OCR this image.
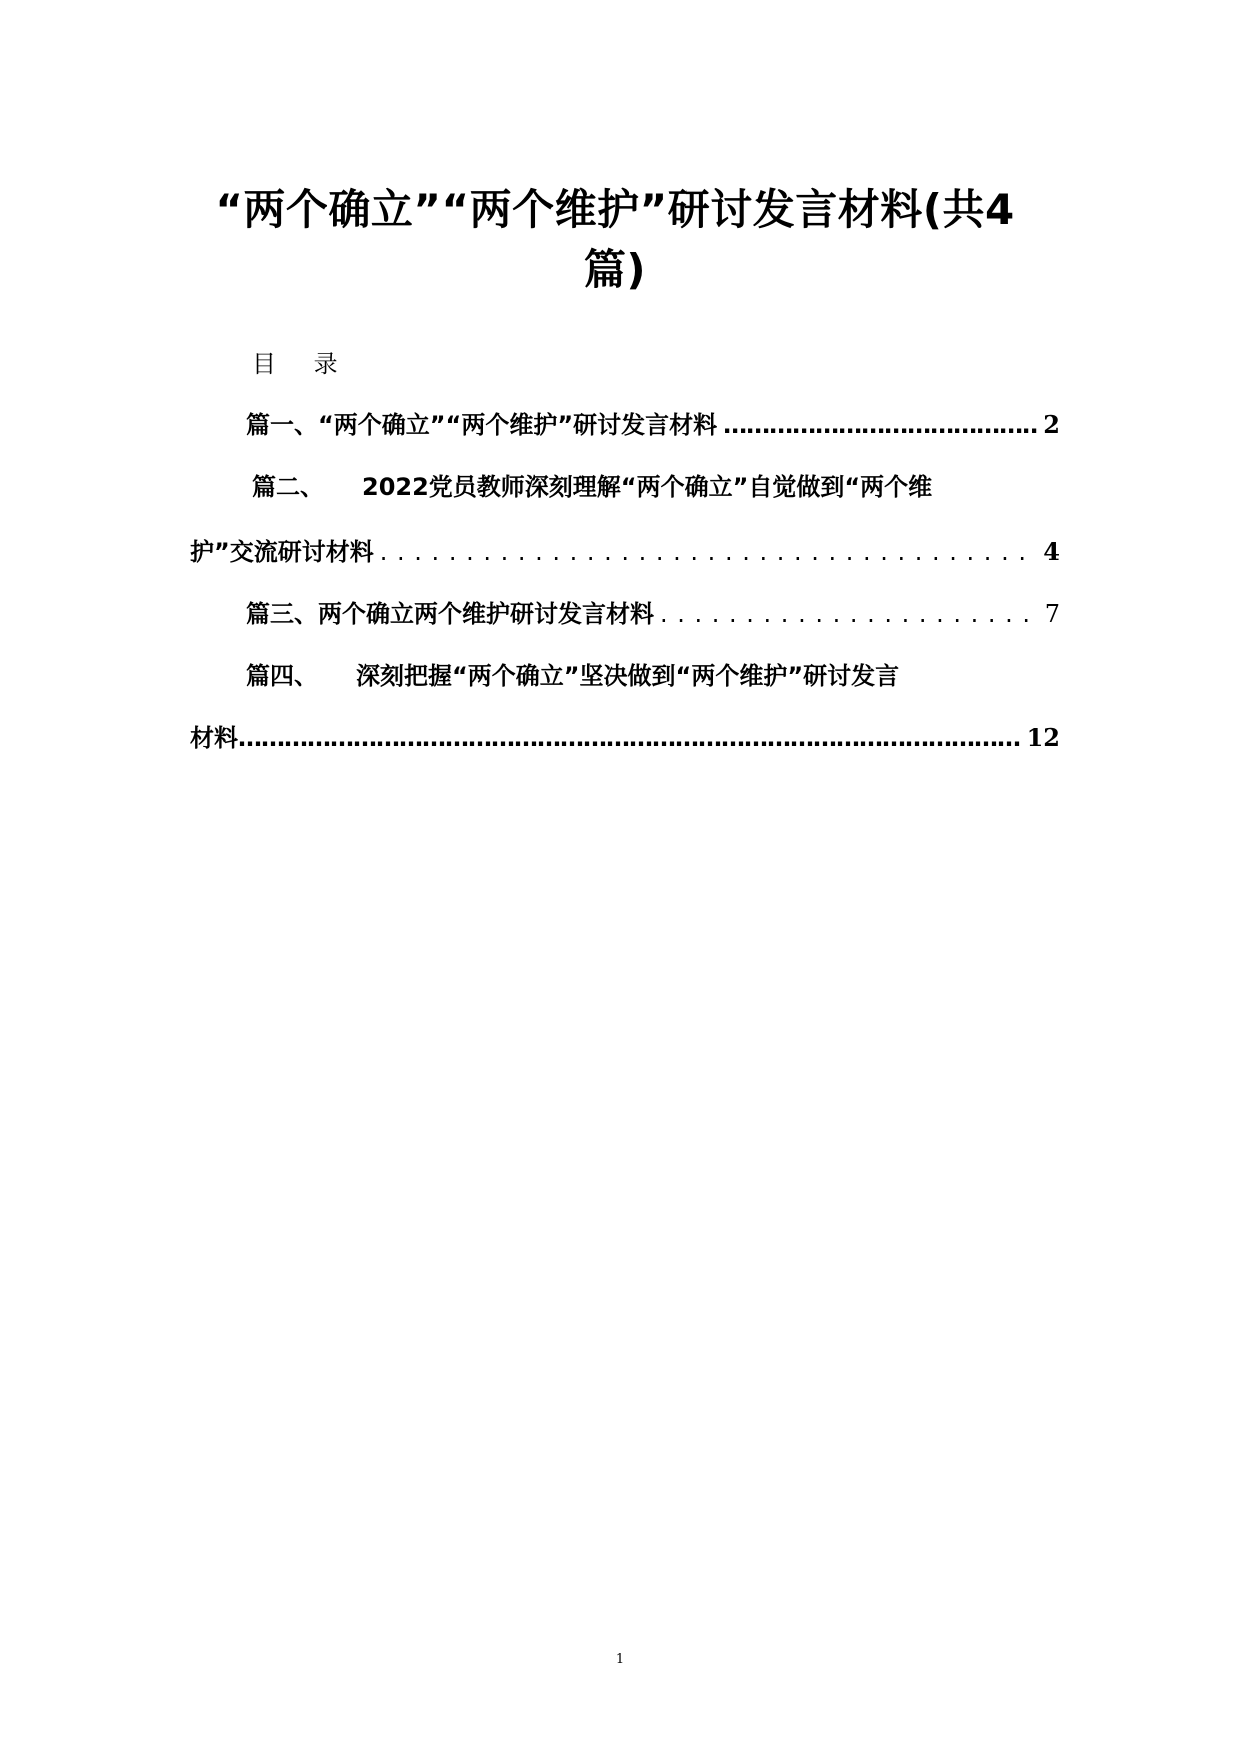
“两个确立”“两个维护”研讨发言材料(共4
篇)
目 录
篇一、“两个确立”“两个维护”研讨发言材料 ………………………………………………………………………………………………………………………………………………………………	2
篇二、 2022党员教师深刻理解“两个确立”自觉做到“两个维
护”交流研讨材料 . . .	4
篇三、两个确立两个维护研讨发言材料 . . .	7
篇四、 深刻把握“两个确立”坚决做到“两个维护”研讨发言
材料 ………………………………………………………………………………………………………………………………………………………………	12
1
